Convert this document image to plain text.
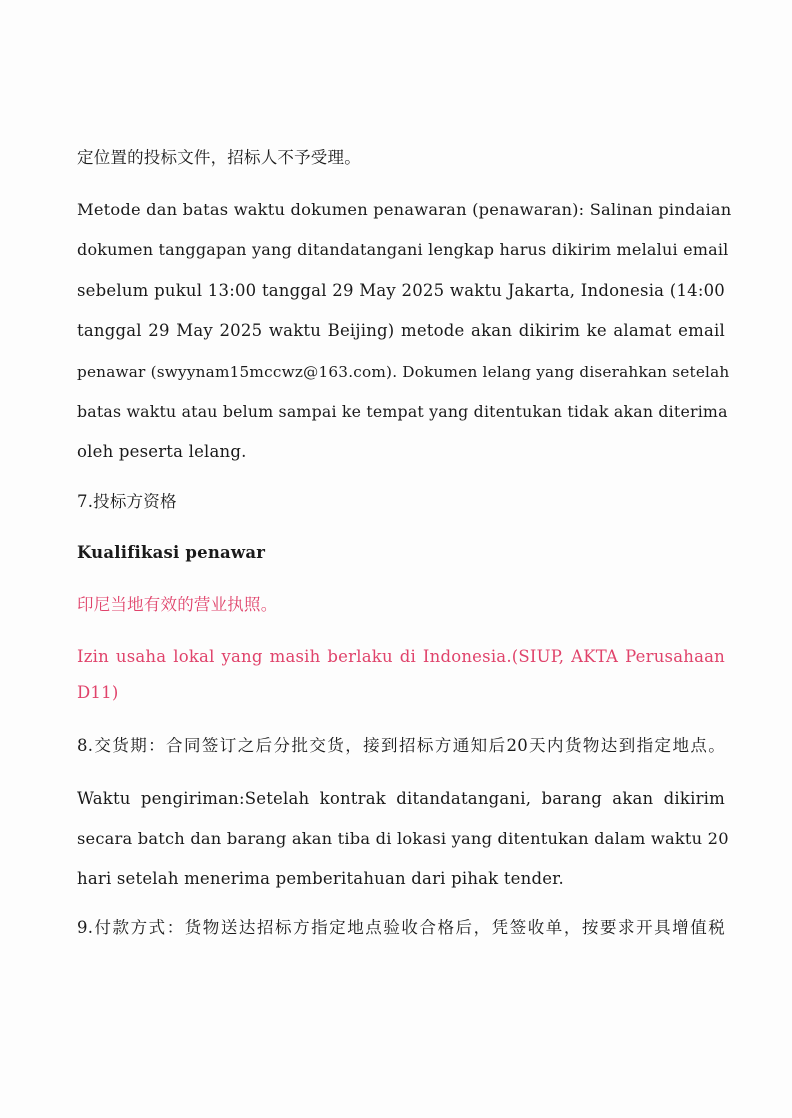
定位置的投标文件，招标人不予受理。
Metode dan batas waktu dokumen penawaran (penawaran): Salinan pindaian
dokumen tanggapan yang ditandatangani lengkap harus dikirim melalui email
sebelum pukul 13:00 tanggal 29 May 2025 waktu Jakarta, Indonesia (14:00
tanggal 29 May 2025 waktu Beijing) metode akan dikirim ke alamat email
penawar (swyynam15mccwz@163.com). Dokumen lelang yang diserahkan setelah
batas waktu atau belum sampai ke tempat yang ditentukan tidak akan diterima
oleh peserta lelang.
7.投标方资格
Kualifikasi penawar
印尼当地有效的营业执照。
Izin usaha lokal yang masih berlaku di Indonesia.(SIUP, AKTA Perusahaan
D11)
8.交货期：合同签订之后分批交货，接到招标方通知后20天内货物达到指定地点。
Waktu pengiriman:Setelah kontrak ditandatangani, barang akan dikirim
secara batch dan barang akan tiba di lokasi yang ditentukan dalam waktu 20
hari setelah menerima pemberitahuan dari pihak tender.
9.付款方式：货物送达招标方指定地点验收合格后，凭签收单，按要求开具增值税
